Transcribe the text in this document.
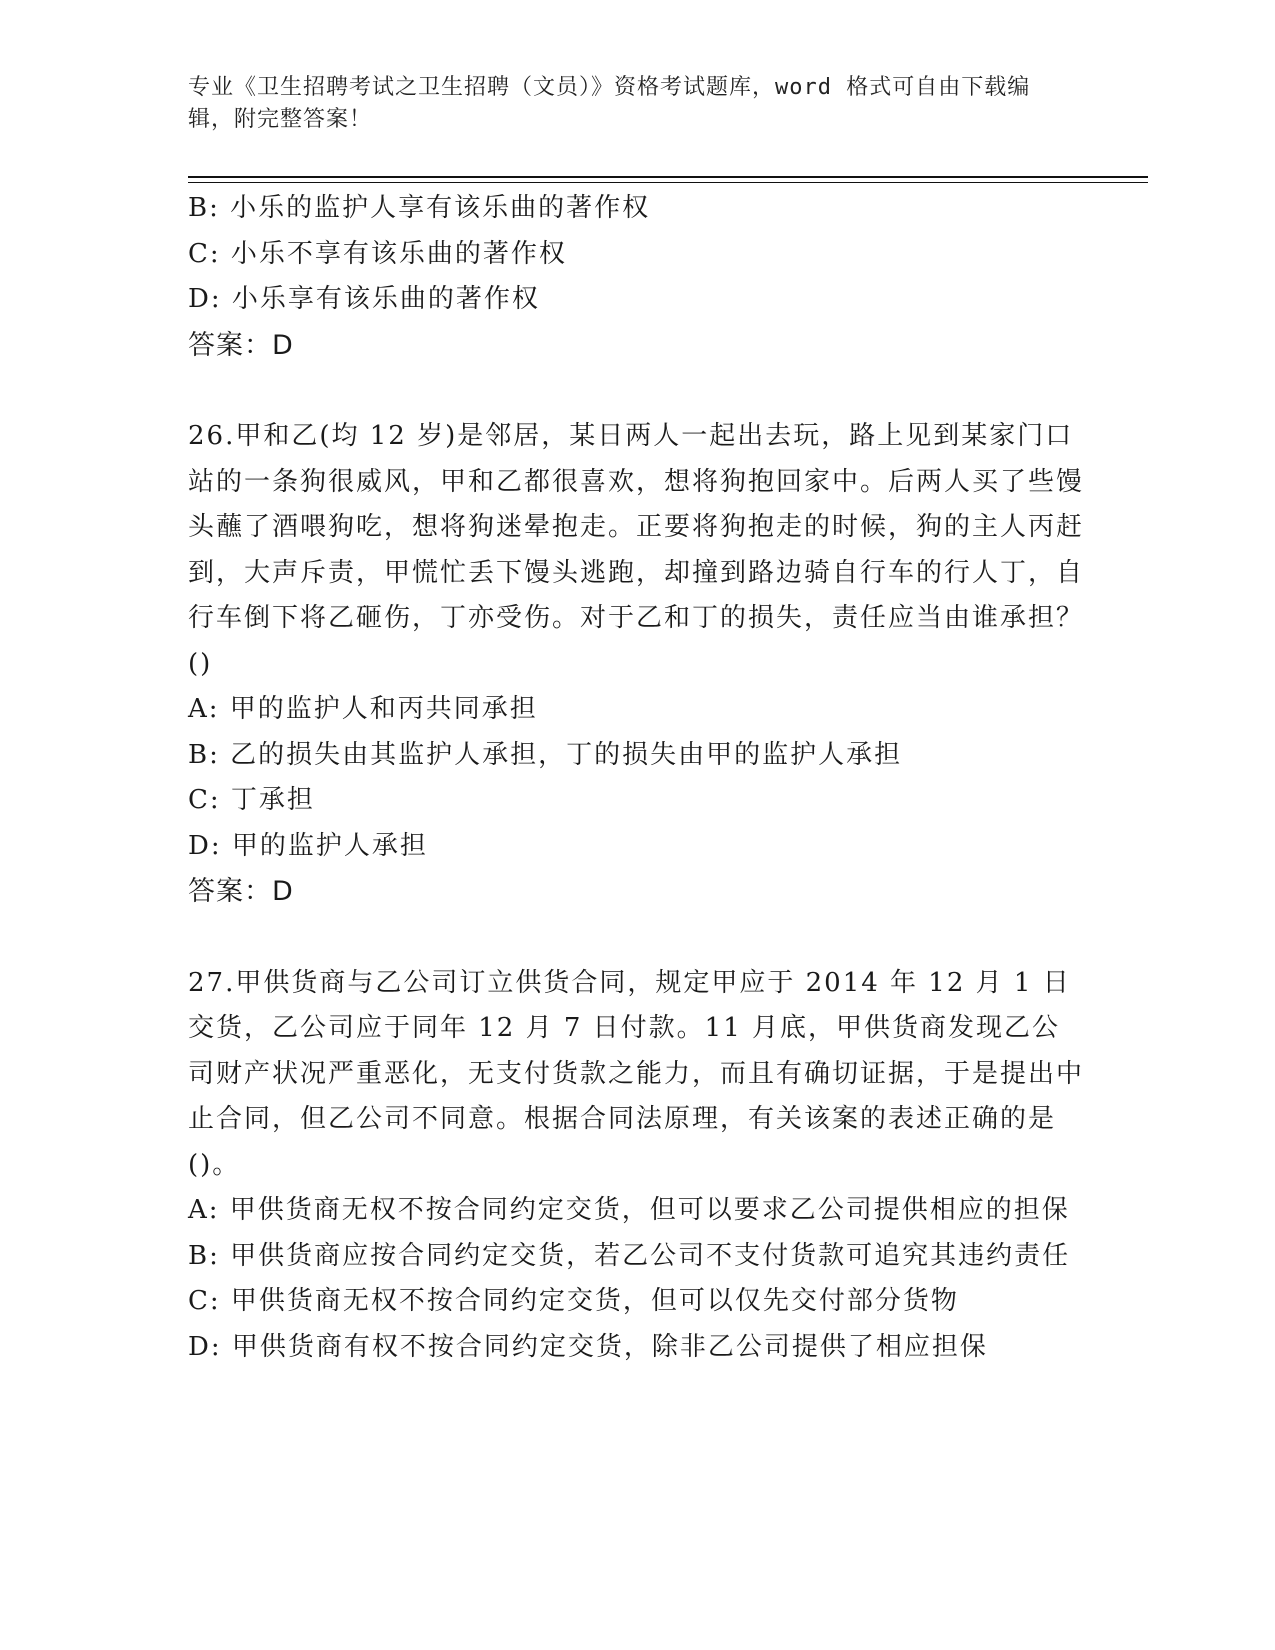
专业《卫生招聘考试之卫生招聘（文员）》资格考试题库，word 格式可自由下载编辑，附完整答案！
B: 小乐的监护人享有该乐曲的著作权
C: 小乐不享有该乐曲的著作权
D: 小乐享有该乐曲的著作权
答案：D
26.甲和乙(均 12 岁)是邻居，某日两人一起出去玩，路上见到某家门口站的一条狗很威风，甲和乙都很喜欢，想将狗抱回家中。后两人买了些馒头蘸了酒喂狗吃，想将狗迷晕抱走。正要将狗抱走的时候，狗的主人丙赶到，大声斥责，甲慌忙丢下馒头逃跑，却撞到路边骑自行车的行人丁，自行车倒下将乙砸伤，丁亦受伤。对于乙和丁的损失，责任应当由谁承担？()
A: 甲的监护人和丙共同承担
B: 乙的损失由其监护人承担，丁的损失由甲的监护人承担
C: 丁承担
D: 甲的监护人承担
答案：D
27.甲供货商与乙公司订立供货合同，规定甲应于 2014 年 12 月 1 日交货，乙公司应于同年 12 月 7 日付款。11 月底，甲供货商发现乙公司财产状况严重恶化，无支付货款之能力，而且有确切证据，于是提出中止合同，但乙公司不同意。根据合同法原理，有关该案的表述正确的是()。
A: 甲供货商无权不按合同约定交货，但可以要求乙公司提供相应的担保
B: 甲供货商应按合同约定交货，若乙公司不支付货款可追究其违约责任
C: 甲供货商无权不按合同约定交货，但可以仅先交付部分货物
D: 甲供货商有权不按合同约定交货，除非乙公司提供了相应担保
